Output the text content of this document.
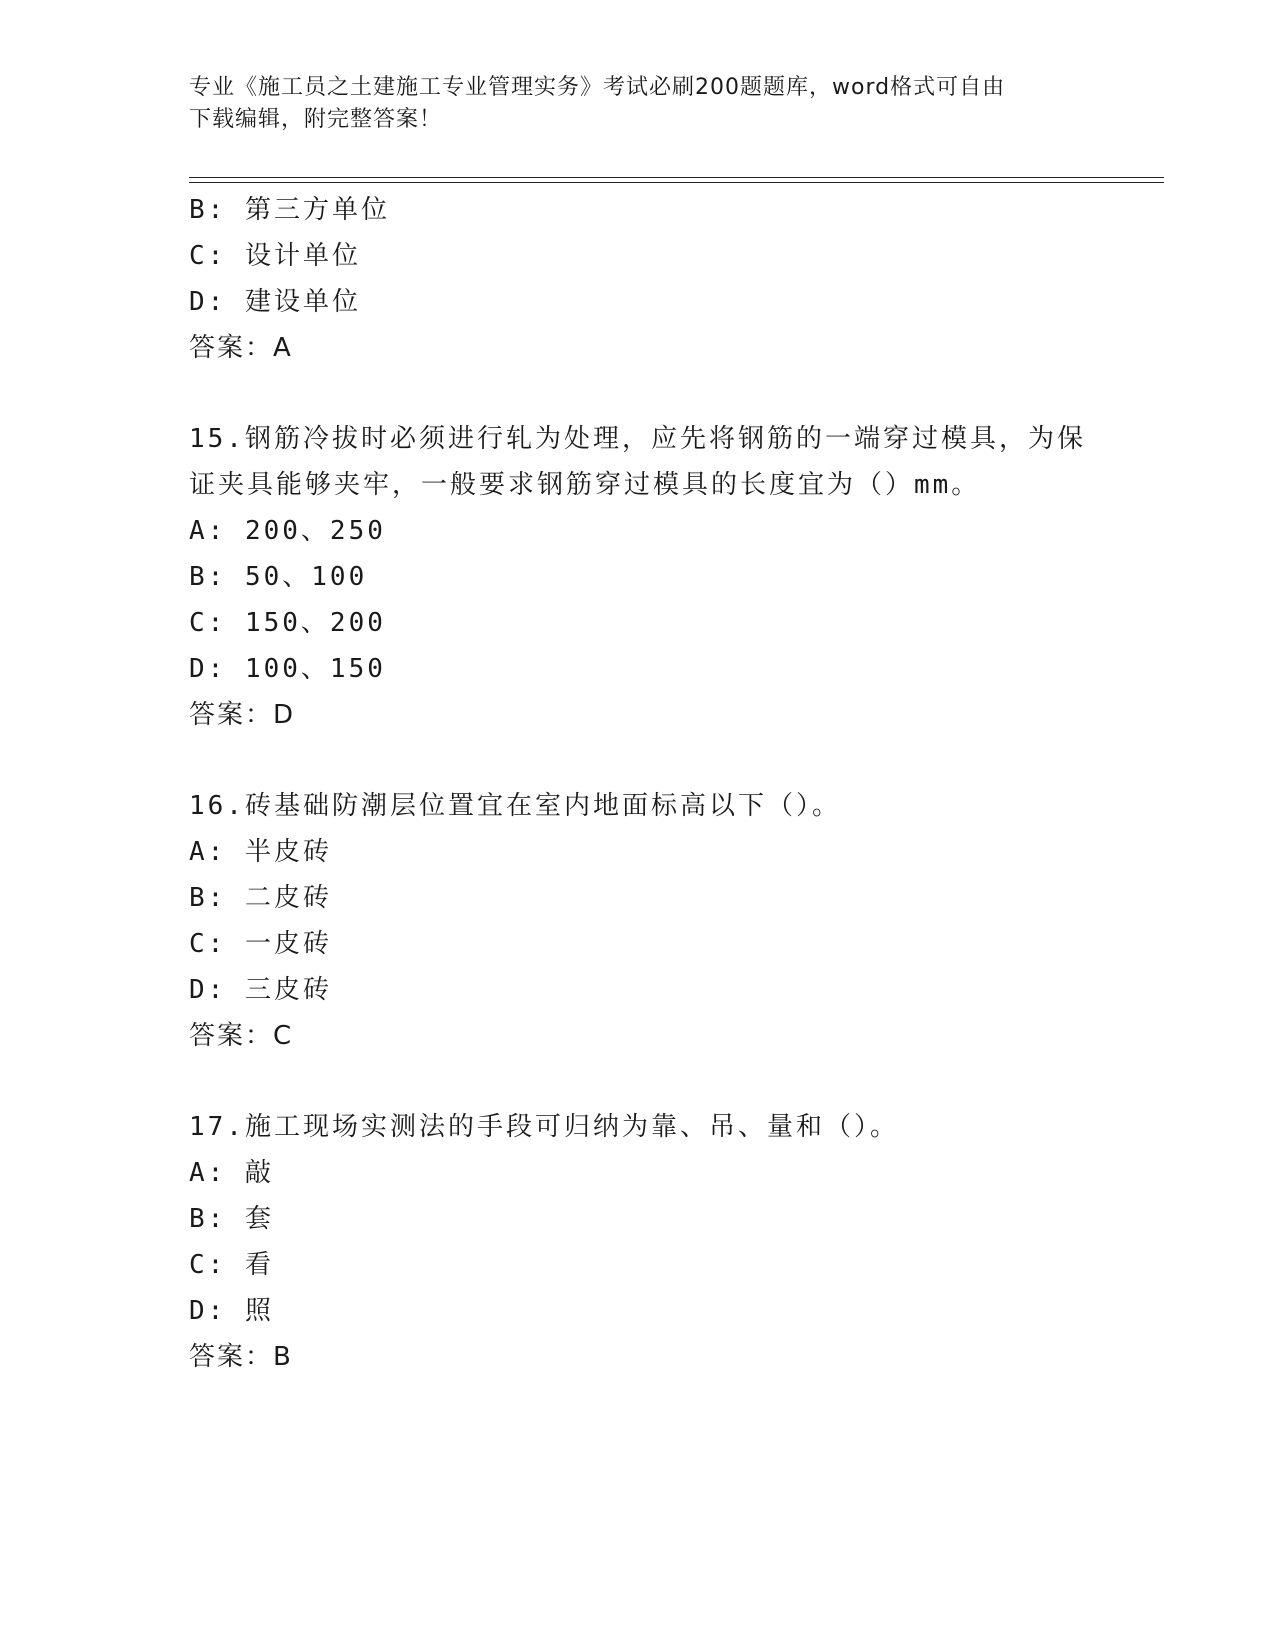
专业《施工员之土建施工专业管理实务》考试必刷200题题库，word格式可自由
下载编辑，附完整答案！
B: 第三方单位
C: 设计单位
D: 建设单位
答案：A
15.钢筋冷拔时必须进行轧为处理，应先将钢筋的一端穿过模具，为保
证夹具能够夹牢，一般要求钢筋穿过模具的长度宜为（）mm。
A: 200、250
B: 50、100
C: 150、200
D: 100、150
答案：D
16.砖基础防潮层位置宜在室内地面标高以下（）。
A: 半皮砖
B: 二皮砖
C: 一皮砖
D: 三皮砖
答案：C
17.施工现场实测法的手段可归纳为靠、吊、量和（）。
A: 敲
B: 套
C: 看
D: 照
答案：B
